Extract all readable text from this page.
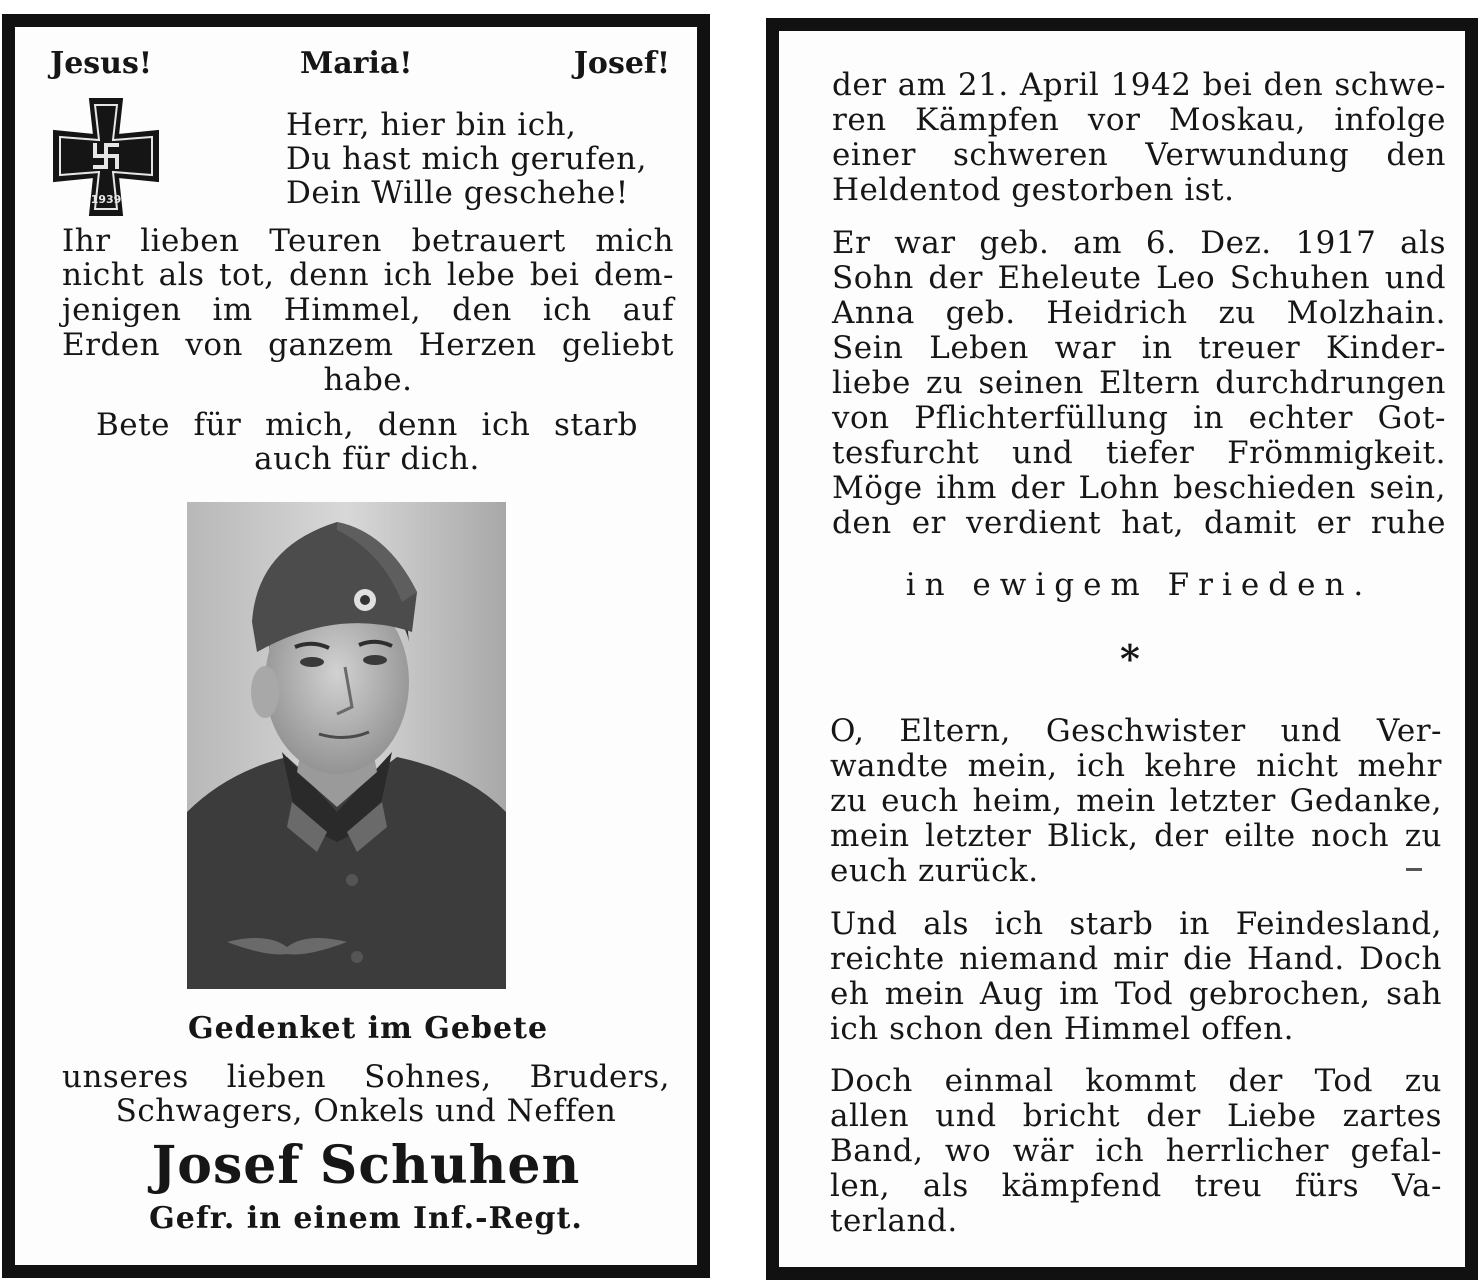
Jesus!	Maria!	Josef!
1939
Herr, hier bin ich,
Du hast mich gerufen,
Dein Wille geschehe!
Ihr lieben Teuren betrauert mich
nicht als tot, denn ich lebe bei dem-
jenigen im Himmel, den ich auf
Erden von ganzem Herzen geliebt
habe.
Bete für mich, denn ich starb
auch für dich.
Gedenket im Gebete
unseres lieben Sohnes, Bruders,
Schwagers, Onkels und Neffen
Josef Schuhen
Gefr. in einem Inf.-Regt.
der am 21. April 1942 bei den schwe-
ren Kämpfen vor Moskau, infolge
einer schweren Verwundung den
Heldentod gestorben ist.
Er war geb. am 6. Dez. 1917 als
Sohn der Eheleute Leo Schuhen und
Anna geb. Heidrich zu Molzhain.
Sein Leben war in treuer Kinder-
liebe zu seinen Eltern durchdrungen
von Pflichterfüllung in echter Got-
tesfurcht und tiefer Frömmigkeit.
Möge ihm der Lohn beschieden sein,
den er verdient hat, damit er ruhe
in ewigem Frieden.
*
O, Eltern, Geschwister und Ver-
wandte mein, ich kehre nicht mehr
zu euch heim, mein letzter Gedanke,
mein letzter Blick, der eilte noch zu
euch zurück.
Und als ich starb in Feindesland,
reichte niemand mir die Hand. Doch
eh mein Aug im Tod gebrochen, sah
ich schon den Himmel offen.
Doch einmal kommt der Tod zu
allen und bricht der Liebe zartes
Band, wo wär ich herrlicher gefal-
len, als kämpfend treu fürs Va-
terland.
